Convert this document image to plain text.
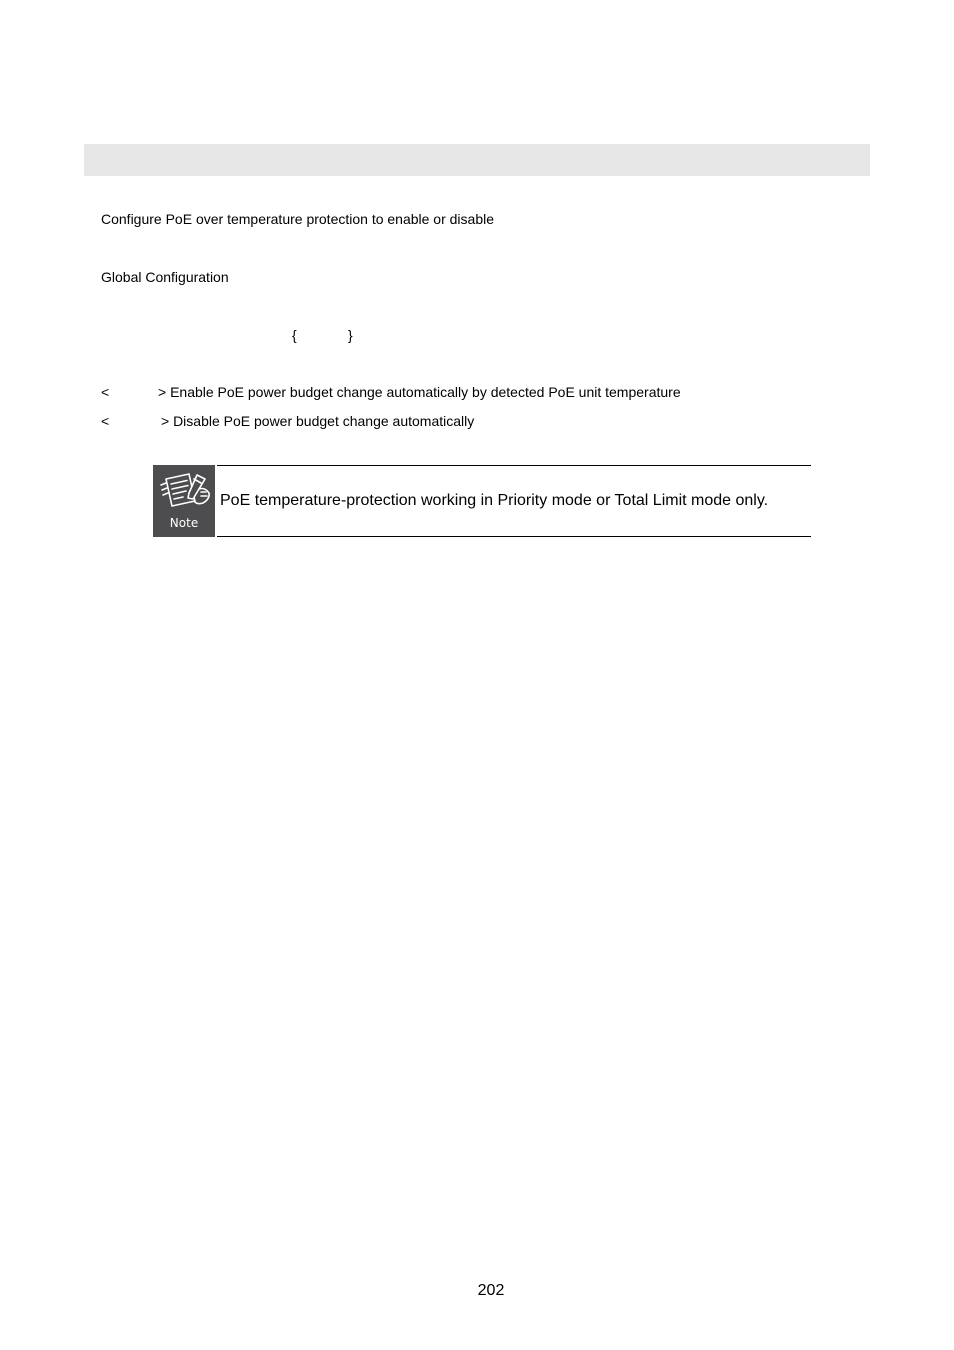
Configure PoE over temperature protection to enable or disable
Global Configuration
{	}
<	> Enable PoE power budget change automatically by detected PoE unit temperature
<	> Disable PoE power budget change automatically
Note
PoE temperature-protection working in Priority mode or Total Limit mode only.
202
